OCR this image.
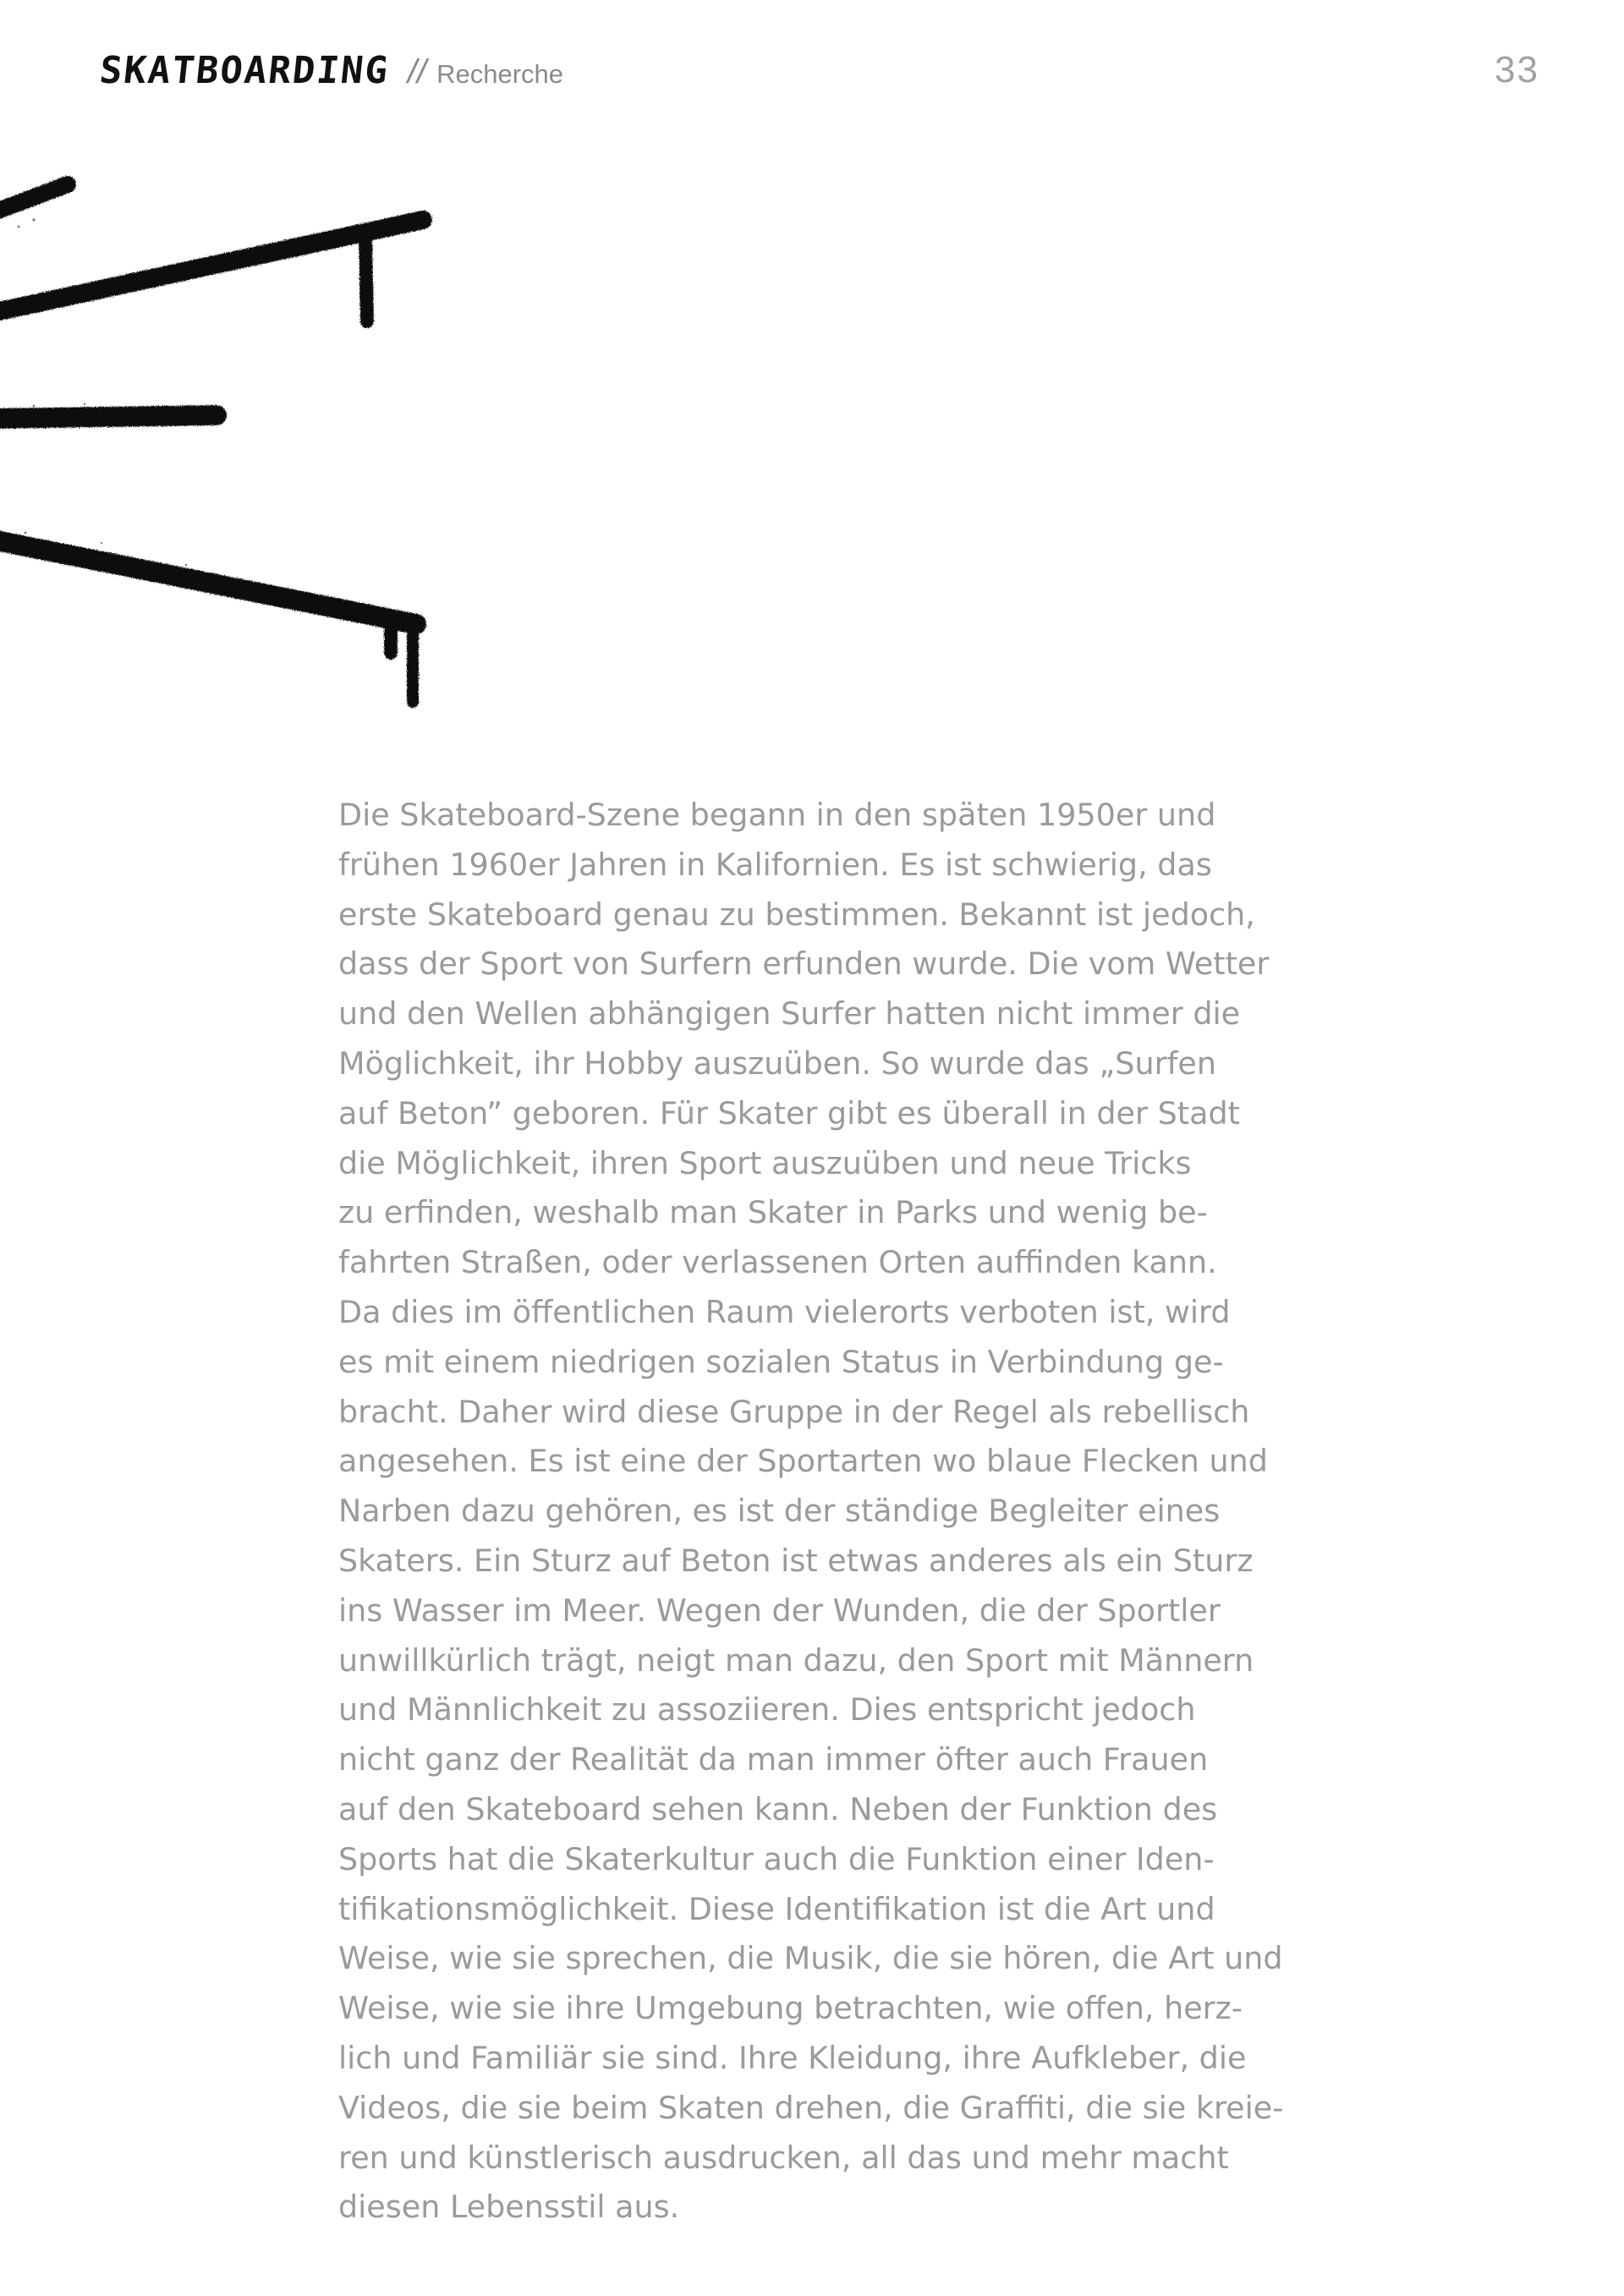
SKATBOARDING // Recherche	33

Die Skateboard-Szene begann in den späten 1950er und
frühen 1960er Jahren in Kalifornien. Es ist schwierig, das
erste Skateboard genau zu bestimmen. Bekannt ist jedoch,
dass der Sport von Surfern erfunden wurde. Die vom Wetter
und den Wellen abhängigen Surfer hatten nicht immer die
Möglichkeit, ihr Hobby auszuüben. So wurde das „Surfen
auf Beton” geboren. Für Skater gibt es überall in der Stadt
die Möglichkeit, ihren Sport auszuüben und neue Tricks
zu erfinden, weshalb man Skater in Parks und wenig be-
fahrten Straßen, oder verlassenen Orten auffinden kann.
Da dies im öffentlichen Raum vielerorts verboten ist, wird
es mit einem niedrigen sozialen Status in Verbindung ge-
bracht. Daher wird diese Gruppe in der Regel als rebellisch
angesehen. Es ist eine der Sportarten wo blaue Flecken und
Narben dazu gehören, es ist der ständige Begleiter eines
Skaters. Ein Sturz auf Beton ist etwas anderes als ein Sturz
ins Wasser im Meer. Wegen der Wunden, die der Sportler
unwillkürlich trägt, neigt man dazu, den Sport mit Männern
und Männlichkeit zu assoziieren. Dies entspricht jedoch
nicht ganz der Realität da man immer öfter auch Frauen
auf den Skateboard sehen kann. Neben der Funktion des
Sports hat die Skaterkultur auch die Funktion einer Iden-
tifikationsmöglichkeit. Diese Identifikation ist die Art und
Weise, wie sie sprechen, die Musik, die sie hören, die Art und
Weise, wie sie ihre Umgebung betrachten, wie offen, herz-
lich und Familiär sie sind. Ihre Kleidung, ihre Aufkleber, die
Videos, die sie beim Skaten drehen, die Graffiti, die sie kreie-
ren und künstlerisch ausdrucken, all das und mehr macht
diesen Lebensstil aus.
